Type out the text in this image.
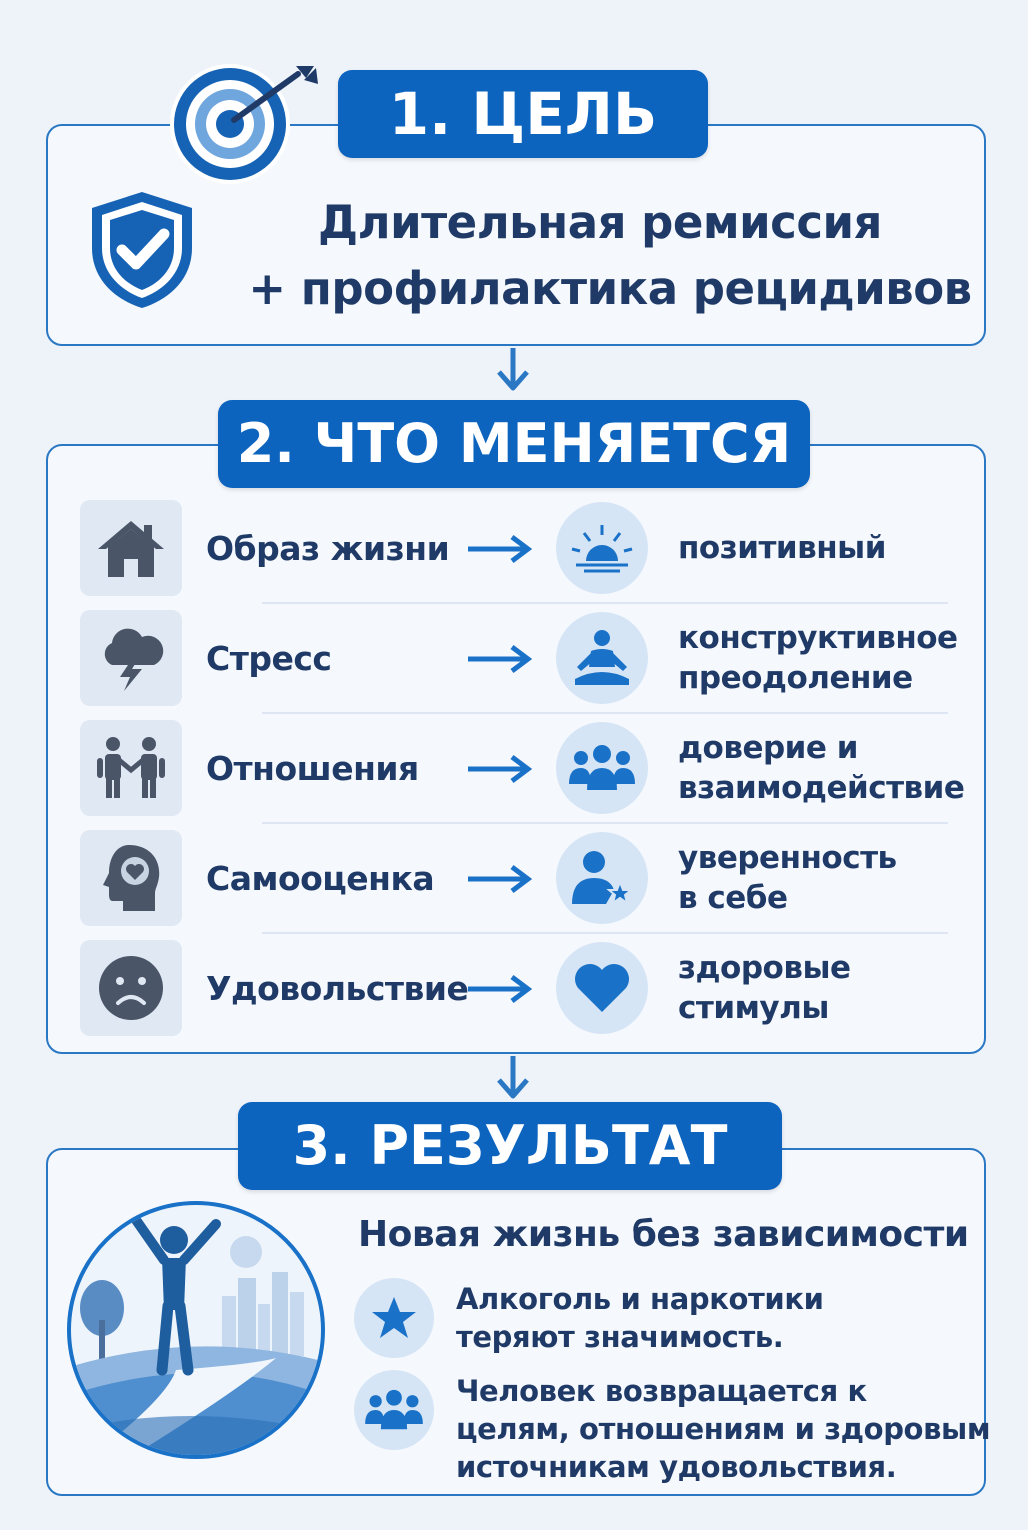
1. ЦЕЛЬ
Длительная ремиссия
+ профилактика рецидивов
2. ЧТО МЕНЯЕТСЯ
Образ жизни	позитивный
Стресс
конструктивное
преодоление
Отношения
доверие и
взаимодействие
Самооценка
уверенность
в себе
Удовольствие
здоровые
стимулы
3. РЕЗУЛЬТАТ
Новая жизнь без зависимости
Алкоголь и наркотики
теряют значимость.
Человек возвращается к
целям, отношениям и здоровым
источникам удовольствия.
